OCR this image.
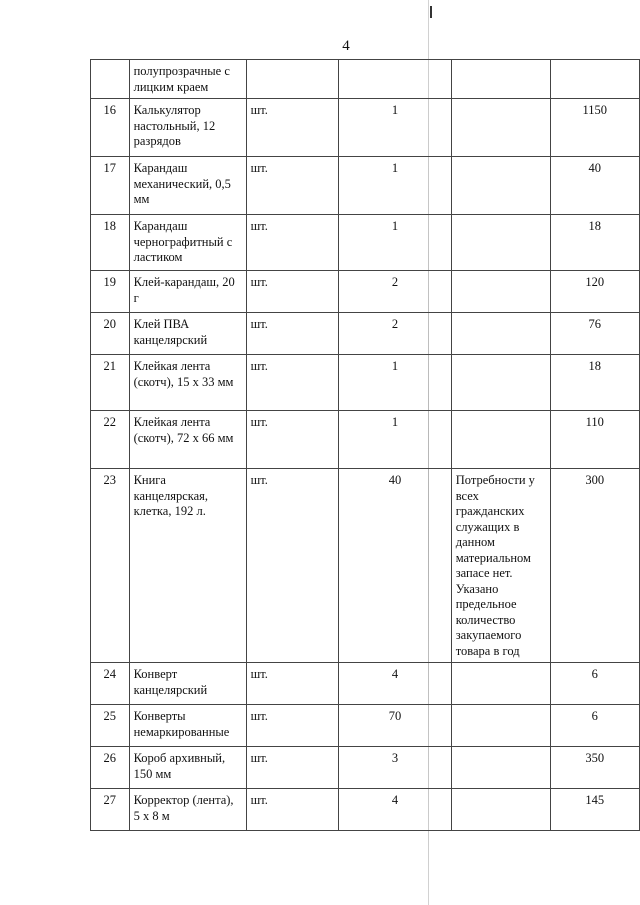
4
	полупрозрачные с лицким краем				
16	Калькулятор настольный, 12 разрядов	шт.	1		1150
17	Карандаш механический, 0,5 мм	шт.	1		40
18	Карандаш чернографитный с ластиком	шт.	1		18
19	Клей-карандаш, 20 г	шт.	2		120
20	Клей ПВА канцелярский	шт.	2		76
21	Клейкая лента (скотч), 15 х 33 мм	шт.	1		18
22	Клейкая лента (скотч), 72 х 66 мм	шт.	1		110
23	Книга канцелярская, клетка, 192 л.	шт.	40	Потребности у всех гражданских служащих в данном материальном запасе нет. Указано предельное количество закупаемого товара в год	300
24	Конверт канцелярский	шт.	4		6
25	Конверты немаркированные	шт.	70		6
26	Короб архивный, 150 мм	шт.	3		350
27	Корректор (лента), 5 х 8 м	шт.	4		145
